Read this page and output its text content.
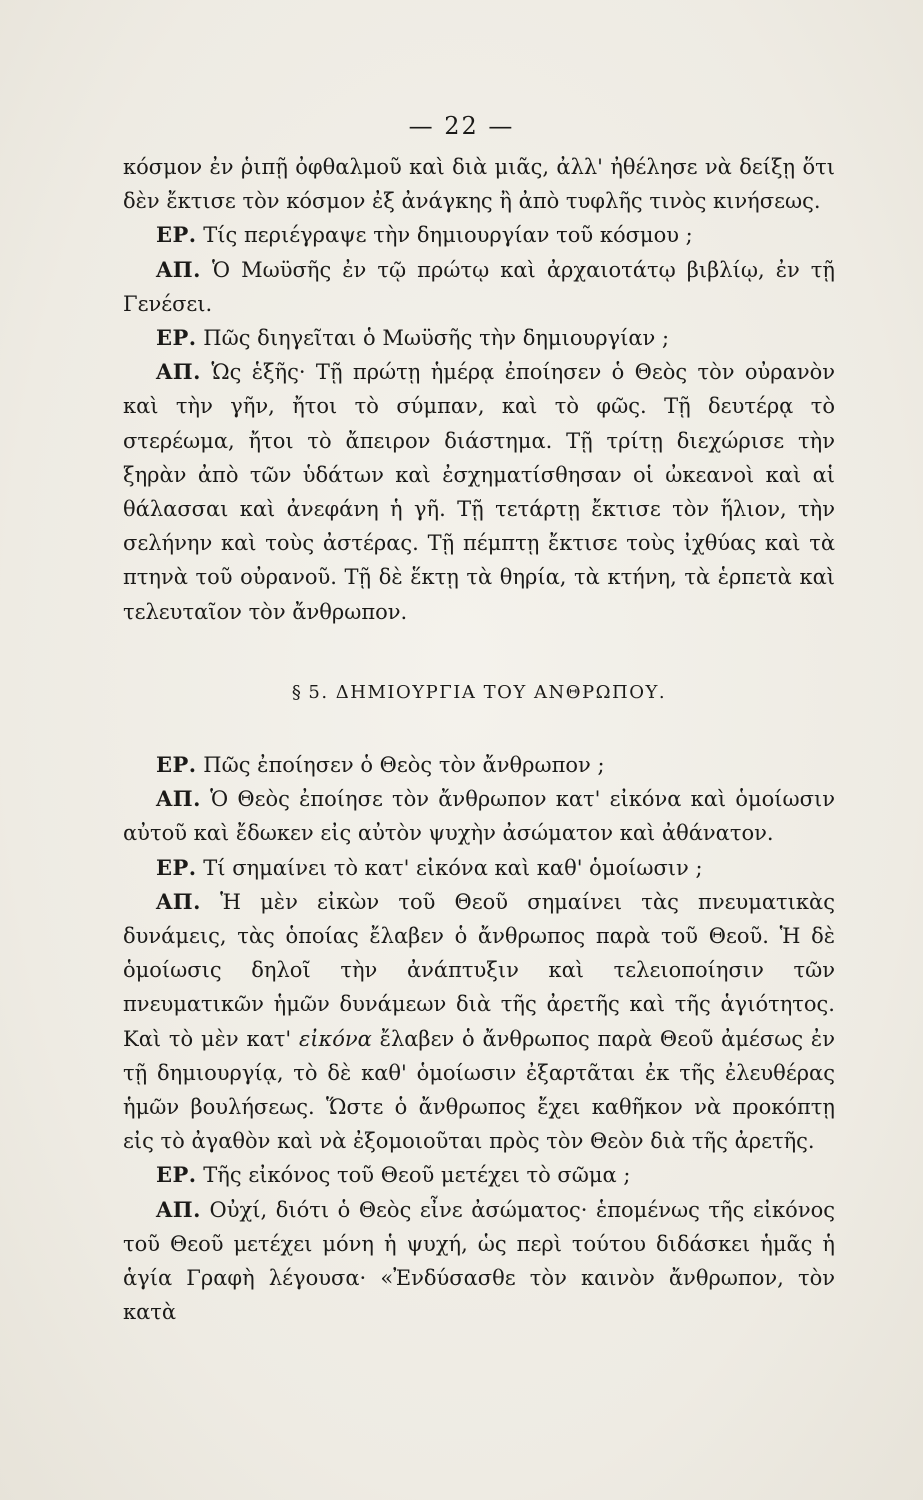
— 22 —

κόσμον ἐν ῥιπῇ ὀφθαλμοῦ καὶ διὰ μιᾶς, ἀλλ' ἠθέλησε νὰ δείξῃ ὅτι δὲν ἔκτισε τὸν κόσμον ἐξ ἀνάγκης ἢ ἀπὸ τυφλῆς τινὸς κινήσεως.

ΕΡ. Τίς περιέγραψε τὴν δημιουργίαν τοῦ κόσμου ;

ΑΠ. Ὁ Μωϋσῆς ἐν τῷ πρώτῳ καὶ ἀρχαιοτάτῳ βιβλίῳ, ἐν τῇ Γενέσει.

ΕΡ. Πῶς διηγεῖται ὁ Μωϋσῆς τὴν δημιουργίαν ;

ΑΠ. Ὡς ἑξῆς· Τῇ πρώτῃ ἡμέρᾳ ἐποίησεν ὁ Θεὸς τὸν οὐρανὸν καὶ τὴν γῆν, ἤτοι τὸ σύμπαν, καὶ τὸ φῶς. Τῇ δευτέρᾳ τὸ στερέωμα, ἤτοι τὸ ἄπειρον διάστημα. Τῇ τρίτῃ διεχώρισε τὴν ξηρὰν ἀπὸ τῶν ὑδάτων καὶ ἐσχηματίσθησαν οἱ ὠκεανοὶ καὶ αἱ θάλασσαι καὶ ἀνεφάνη ἡ γῆ. Τῇ τετάρτῃ ἔκτισε τὸν ἥλιον, τὴν σελήνην καὶ τοὺς ἀστέρας. Τῇ πέμπτῃ ἔκτισε τοὺς ἰχθύας καὶ τὰ πτηνὰ τοῦ οὐρανοῦ. Τῇ δὲ ἕκτῃ τὰ θηρία, τὰ κτήνη, τὰ ἑρπετὰ καὶ τελευταῖον τὸν ἄνθρωπον.

§ 5. ΔΗΜΙΟΥΡΓΙΑ ΤΟΥ ΑΝΘΡΩΠΟΥ.

ΕΡ. Πῶς ἐποίησεν ὁ Θεὸς τὸν ἄνθρωπον ;

ΑΠ. Ὁ Θεὸς ἐποίησε τὸν ἄνθρωπον κατ' εἰκόνα καὶ ὁμοίωσιν αὐτοῦ καὶ ἔδωκεν εἰς αὐτὸν ψυχὴν ἀσώματον καὶ ἀθάνατον.

ΕΡ. Τί σημαίνει τὸ κατ' εἰκόνα καὶ καθ' ὁμοίωσιν ;

ΑΠ. Ἡ μὲν εἰκὼν τοῦ Θεοῦ σημαίνει τὰς πνευματικὰς δυνάμεις, τὰς ὁποίας ἔλαβεν ὁ ἄνθρωπος παρὰ τοῦ Θεοῦ. Ἡ δὲ ὁμοίωσις δηλοῖ τὴν ἀνάπτυξιν καὶ τελειοποίησιν τῶν πνευματικῶν ἡμῶν δυνάμεων διὰ τῆς ἀρετῆς καὶ τῆς ἁγιότητος. Καὶ τὸ μὲν κατ' εἰκόνα ἔλαβεν ὁ ἄνθρωπος παρὰ Θεοῦ ἀμέσως ἐν τῇ δημιουργίᾳ, τὸ δὲ καθ' ὁμοίωσιν ἐξαρτᾶται ἐκ τῆς ἐλευθέρας ἡμῶν βουλήσεως. Ὥστε ὁ ἄνθρωπος ἔχει καθῆκον νὰ προκόπτῃ εἰς τὸ ἀγαθὸν καὶ νὰ ἐξομοιοῦται πρὸς τὸν Θεὸν διὰ τῆς ἀρετῆς.

ΕΡ. Τῆς εἰκόνος τοῦ Θεοῦ μετέχει τὸ σῶμα ;

ΑΠ. Οὐχί, διότι ὁ Θεὸς εἶνε ἀσώματος· ἑπομένως τῆς εἰκόνος τοῦ Θεοῦ μετέχει μόνη ἡ ψυχή, ὡς περὶ τούτου διδάσκει ἡμᾶς ἡ ἁγία Γραφὴ λέγουσα· «Ἐνδύσασθε τὸν καινὸν ἄνθρωπον, τὸν κατὰ
